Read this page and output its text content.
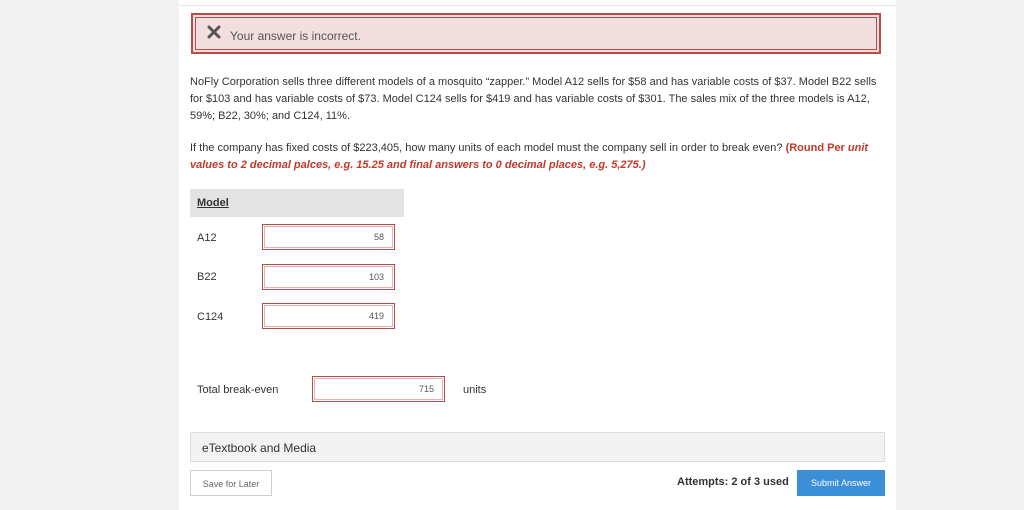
Your answer is incorrect.
NoFly Corporation sells three different models of a mosquito “zapper.” Model A12 sells for $58 and has variable costs of $37. Model B22 sells for $103 and has variable costs of $73. Model C124 sells for $419 and has variable costs of $301. The sales mix of the three models is A12, 59%; B22, 30%; and C124, 11%.
If the company has fixed costs of $223,405, how many units of each model must the company sell in order to break even? (Round Per unit values to 2 decimal palces, e.g. 15.25 and final answers to 0 decimal places, e.g. 5,275.)
Model
A12	58
B22	103
C124	419
Total break-even	715	units
eTextbook and Media
Save for Later	Attempts: 2 of 3 used	Submit Answer
